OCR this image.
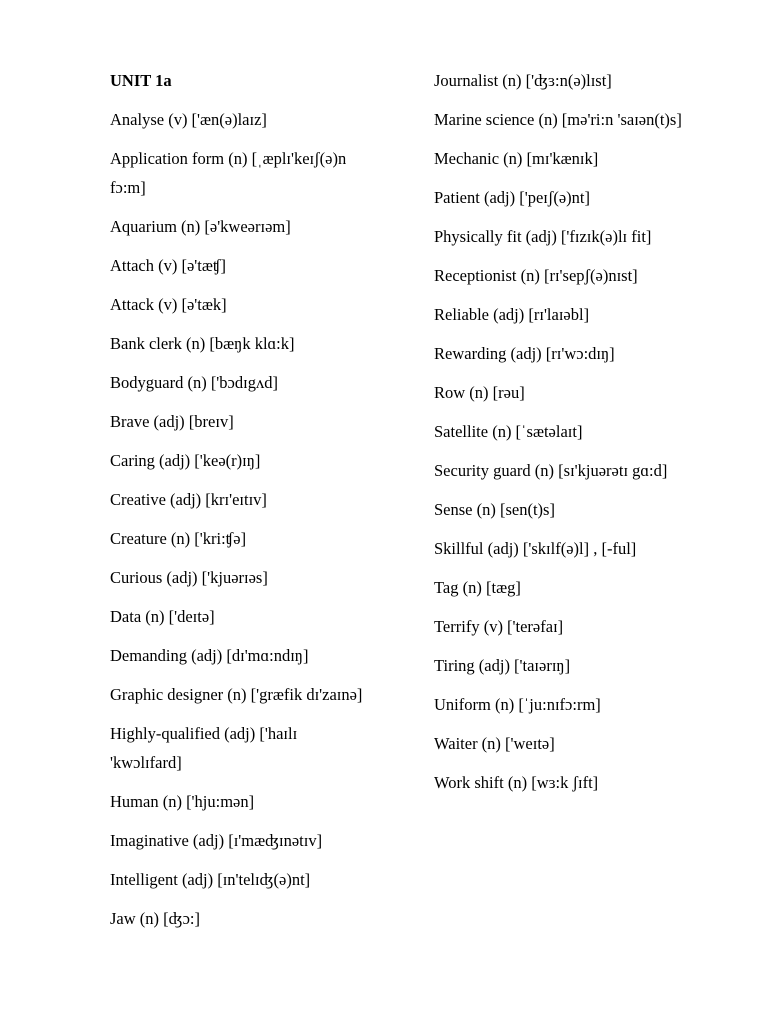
UNIT 1a
Analyse (v) ['æn(ə)laɪz]
Application form (n) [ˌæplɪ'keɪʃ(ə)n
fɔ:m]
Aquarium (n) [ə'kweərɪəm]
Attach (v) [ə'tæʧ]
Attack (v) [ə'tæk]
Bank clerk (n) [bæŋk klɑ:k]
Bodyguard (n) ['bɔdɪgʌd]
Brave (adj) [breɪv]
Caring (adj) ['keə(r)ɪŋ]
Creative (adj) [krɪ'eɪtɪv]
Creature (n) ['kri:ʧə]
Curious (adj) ['kjuərɪəs]
Data (n) ['deɪtə]
Demanding (adj) [dɪ'mɑ:ndɪŋ]
Graphic designer (n) ['græfik dɪ'zaɪnə]
Highly-qualified (adj) ['haɪlɪ
'kwɔlɪfard]
Human (n) ['hju:mən]
Imaginative (adj) [ɪ'mæʤɪnətɪv]
Intelligent (adj) [ɪn'telɪʤ(ə)nt]
Jaw (n) [ʤɔ:]
Journalist (n) ['ʤɜ:n(ə)lɪst]
Marine science (n) [mə'ri:n 'saɪən(t)s]
Mechanic (n) [mɪ'kænɪk]
Patient (adj) ['peɪʃ(ə)nt]
Physically fit (adj) ['fɪzɪk(ə)lɪ fit]
Receptionist (n) [rɪ'sepʃ(ə)nɪst]
Reliable (adj) [rɪ'laɪəbl]
Rewarding (adj) [rɪ'wɔ:dɪŋ]
Row (n) [rəu]
Satellite (n) [ˈsætəlaɪt]
Security guard (n) [sɪ'kjuərətɪ gɑ:d]
Sense (n) [sen(t)s]
Skillful (adj) ['skɪlf(ə)l] , [-ful]
Tag (n) [tæg]
Terrify (v) ['terəfaɪ]
Tiring (adj) ['taɪərɪŋ]
Uniform (n) [ˈju:nɪfɔ:rm]
Waiter (n) ['weɪtə]
Work shift (n) [wɜ:k ʃɪft]
